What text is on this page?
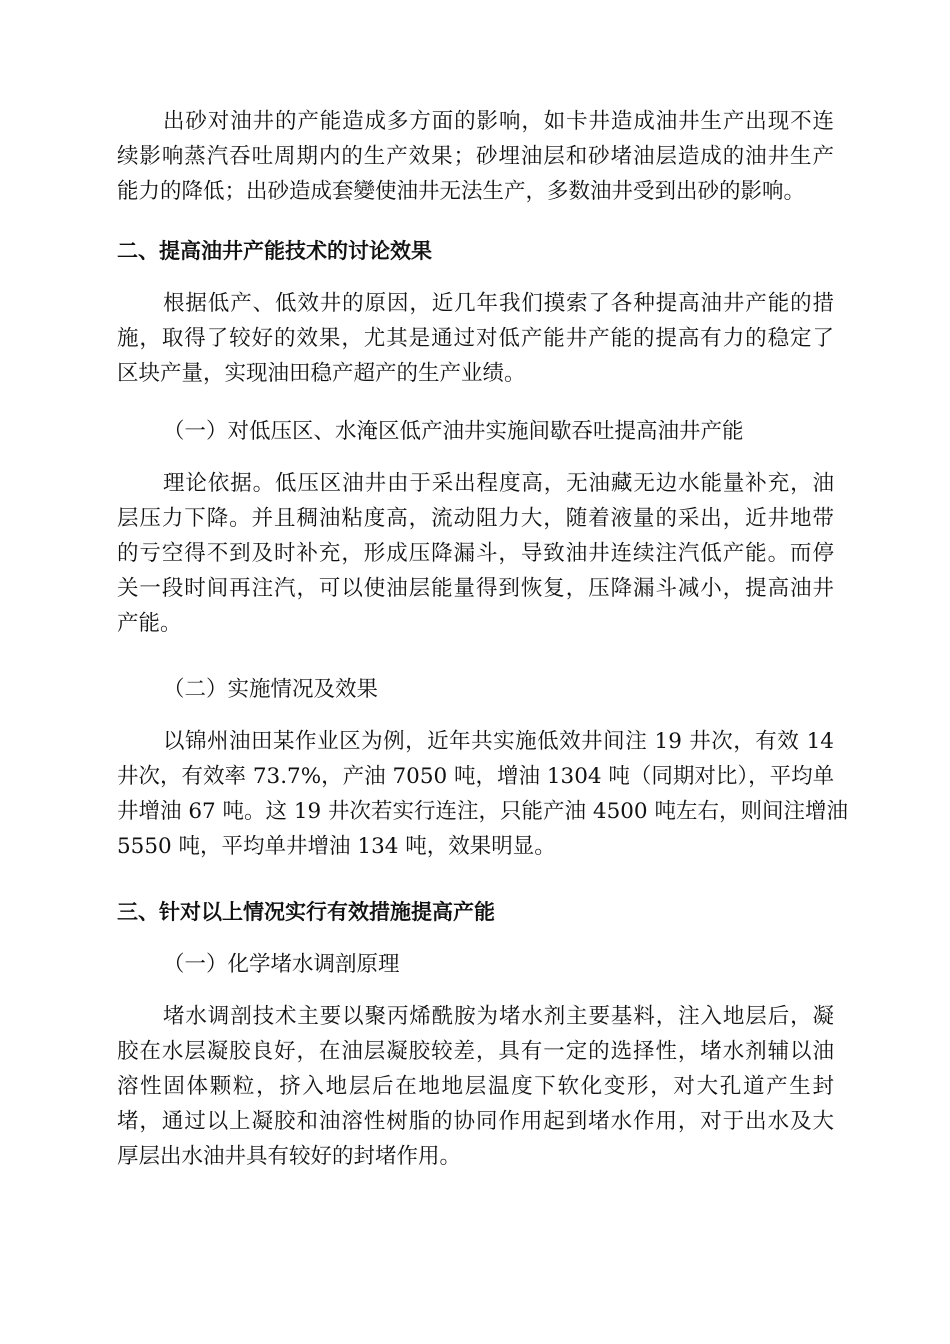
出砂对油井的产能造成多方面的影响，如卡井造成油井生产出现不连
续影响蒸汽吞吐周期内的生产效果；砂埋油层和砂堵油层造成的油井生产
能力的降低；出砂造成套變使油井无法生产，多数油井受到出砂的影响。
二、提高油井产能技术的讨论效果
根据低产、低效井的原因，近几年我们摸索了各种提高油井产能的措
施，取得了较好的效果，尤其是通过对低产能井产能的提高有力的稳定了
区块产量，实现油田稳产超产的生产业绩。
（一）对低压区、水淹区低产油井实施间歇吞吐提高油井产能
理论依据。低压区油井由于采出程度高，无油藏无边水能量补充，油
层压力下降。并且稠油粘度高，流动阻力大，随着液量的采出，近井地带
的亏空得不到及时补充，形成压降漏斗，导致油井连续注汽低产能。而停
关一段时间再注汽，可以使油层能量得到恢复，压降漏斗减小，提高油井
产能。
（二）实施情况及效果
以锦州油田某作业区为例，近年共实施低效井间注 19 井次，有效 14
井次，有效率 73.7%，产油 7050 吨，增油 1304 吨（同期对比），平均单
井增油 67 吨。这 19 井次若实行连注，只能产油 4500 吨左右，则间注增油
5550 吨，平均单井增油 134 吨，效果明显。
三、针对以上情况实行有效措施提高产能
（一）化学堵水调剖原理
堵水调剖技术主要以聚丙烯酰胺为堵水剂主要基料，注入地层后，凝
胶在水层凝胶良好，在油层凝胶较差，具有一定的选择性，堵水剂辅以油
溶性固体颗粒，挤入地层后在地地层温度下软化变形，对大孔道产生封
堵，通过以上凝胶和油溶性树脂的协同作用起到堵水作用，对于出水及大
厚层出水油井具有较好的封堵作用。
